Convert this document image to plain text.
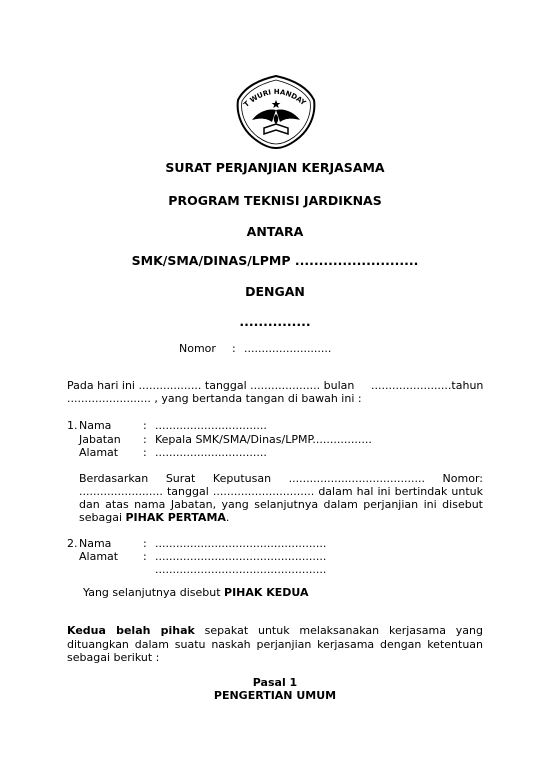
T WURI HANDAY
SURAT PERJANJIAN KERJASAMA
PROGRAM TEKNISI JARDIKNAS
ANTARA
SMK/SMA/DINAS/LPMP ..........................
DENGAN
...............
Nomor : .........................
Pada hari ini .................. tanggal .................... bulan .......................tahun
........................ , yang bertanda tangan di bawah ini :
1. Nama	: ................................
Jabatan : Kepala SMK/SMA/Dinas/LPMP.................
Alamat : ................................
Berdasarkan Surat Keputusan ....................................... Nomor:
........................ tanggal ............................. dalam hal ini bertindak untuk
dan atas nama Jabatan, yang selanjutnya dalam perjanjian ini disebut
sebagai PIHAK PERTAMA.
2. Nama	: .................................................
Alamat : .................................................
.................................................
Yang selanjutnya disebut PIHAK KEDUA
Kedua belah pihak sepakat untuk melaksanakan kerjasama yang
dituangkan dalam suatu naskah perjanjian kerjasama dengan ketentuan
sebagai berikut :
Pasal 1
PENGERTIAN UMUM
